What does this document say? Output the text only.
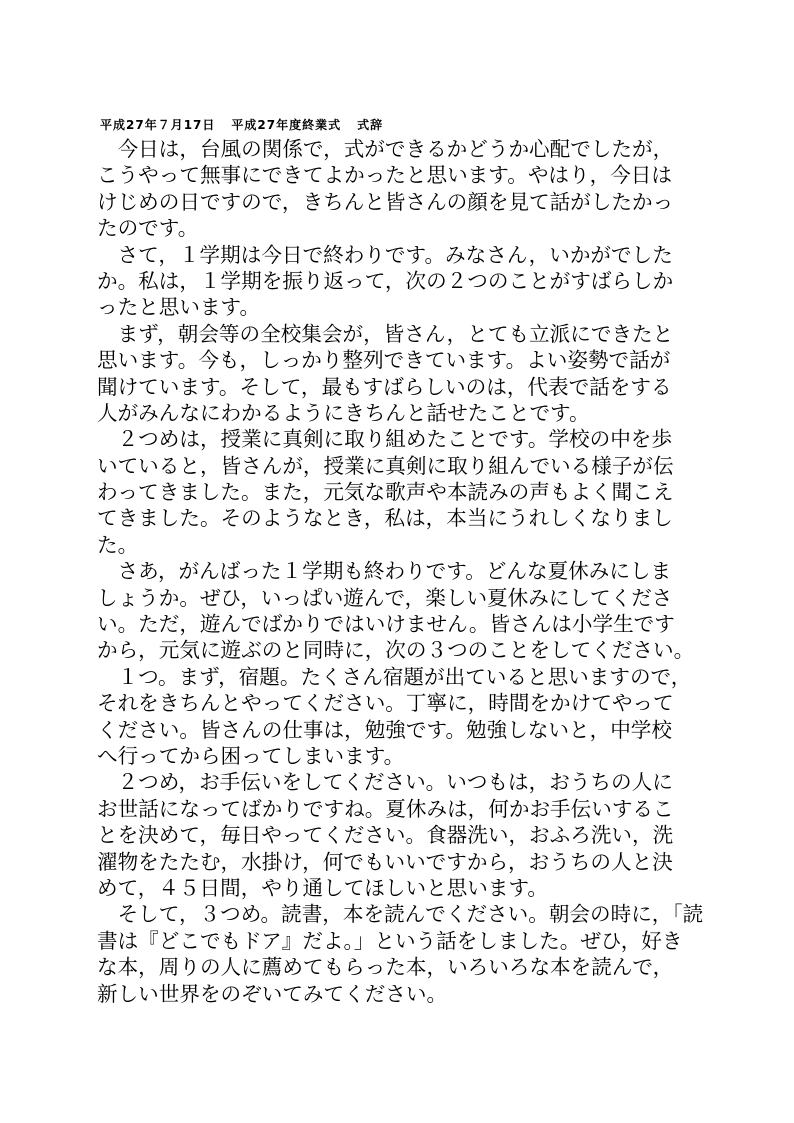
平成27年７月17日 平成27年度終業式 式辞
　今日は，台風の関係で，式ができるかどうか心配でしたが，
こうやって無事にできてよかったと思います。やはり，今日は
けじめの日ですので，きちんと皆さんの顔を見て話がしたかっ
たのです。
　さて，１学期は今日で終わりです。みなさん，いかがでした
か。私は，１学期を振り返って，次の２つのことがすばらしか
ったと思います。
　まず，朝会等の全校集会が，皆さん，とても立派にできたと
思います。今も，しっかり整列できています。よい姿勢で話が
聞けています。そして，最もすばらしいのは，代表で話をする
人がみんなにわかるようにきちんと話せたことです。
　２つめは，授業に真剣に取り組めたことです。学校の中を歩
いていると，皆さんが，授業に真剣に取り組んでいる様子が伝
わってきました。また，元気な歌声や本読みの声もよく聞こえ
てきました。そのようなとき，私は，本当にうれしくなりまし
た。
　さあ，がんばった１学期も終わりです。どんな夏休みにしま
しょうか。ぜひ，いっぱい遊んで，楽しい夏休みにしてくださ
い。ただ，遊んでばかりではいけません。皆さんは小学生です
から，元気に遊ぶのと同時に，次の３つのことをしてください。
　１つ。まず，宿題。たくさん宿題が出ていると思いますので，
それをきちんとやってください。丁寧に，時間をかけてやって
ください。皆さんの仕事は，勉強です。勉強しないと，中学校
へ行ってから困ってしまいます。
　２つめ，お手伝いをしてください。いつもは，おうちの人に
お世話になってばかりですね。夏休みは，何かお手伝いするこ
とを決めて，毎日やってください。食器洗い，おふろ洗い，洗
濯物をたたむ，水掛け，何でもいいですから，おうちの人と決
めて，４５日間，やり通してほしいと思います。
　そして，３つめ。読書，本を読んでください。朝会の時に，「読
書は『どこでもドア』だよ。」という話をしました。ぜひ，好き
な本，周りの人に薦めてもらった本，いろいろな本を読んで，
新しい世界をのぞいてみてください。
